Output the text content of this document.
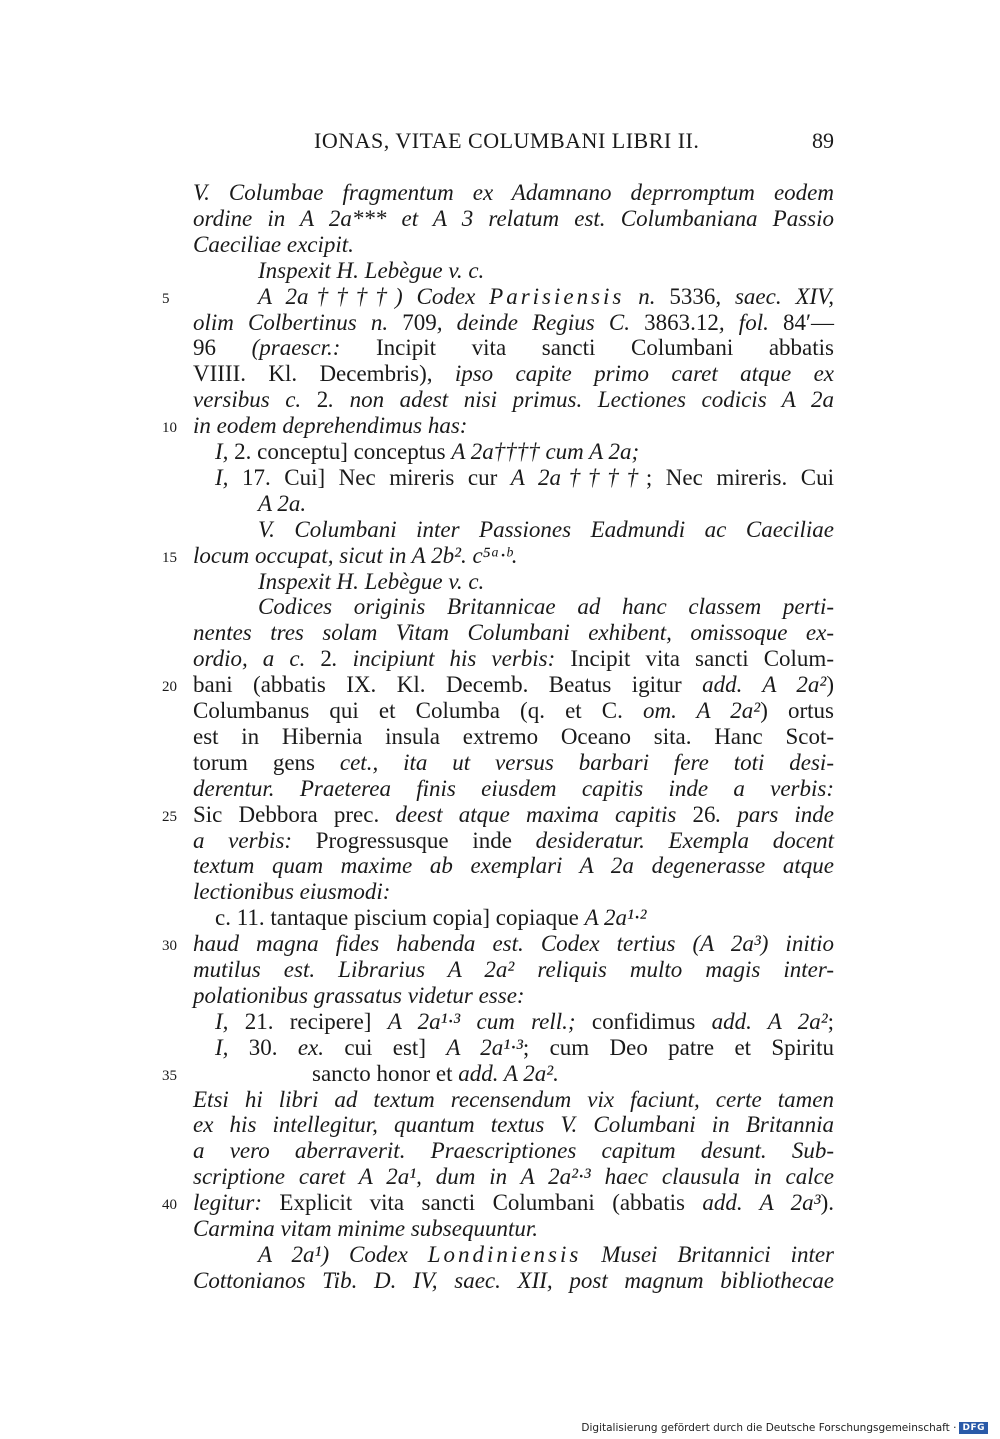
IONAS, VITAE COLUMBANI LIBRI II.	89
V. Columbae fragmentum ex Adamnano deprromptum eodem
ordine in A 2a*** et A 3 relatum est. Columbaniana Passio
Caeciliae excipit.
Inspexit H. Lebègue v. c.
5	A 2a††††) Codex Parisiensis n. 5336, saec. XIV,
olim Colbertinus n. 709, deinde Regius C. 3863.12, fol. 84′—
96 (praescr.: Incipit vita sancti Columbani abbatis
VIIII. Kl. Decembris), ipso capite primo caret atque ex
versibus c. 2. non adest nisi primus. Lectiones codicis A 2a
10 in eodem deprehendimus has:
I, 2. conceptu] conceptus A 2a†††† cum A 2a;
I, 17. Cui] Nec mireris cur A 2a††††; Nec mireris. Cui
A 2a.
V. Columbani inter Passiones Eadmundi ac Caeciliae
15 locum occupat, sicut in A 2b². c⁵ᵃ·ᵇ.
Inspexit H. Lebègue v. c.
Codices originis Britannicae ad hanc classem perti-
nentes tres solam Vitam Columbani exhibent, omissoque ex-
ordio, a c. 2. incipiunt his verbis: Incipit vita sancti Colum-
20 bani (abbatis IX. Kl. Decemb. Beatus igitur add. A 2a²)
Columbanus qui et Columba (q. et C. om. A 2a²) ortus
est in Hibernia insula extremo Oceano sita. Hanc Scot-
torum gens cet., ita ut versus barbari fere toti desi-
derentur. Praeterea finis eiusdem capitis inde a verbis:
25 Sic Debbora prec. deest atque maxima capitis 26. pars inde
a verbis: Progressusque inde desideratur. Exempla docent
textum quam maxime ab exemplari A 2a degenerasse atque
lectionibus eiusmodi:
c. 11. tantaque piscium copia] copiaque A 2a¹·²
30 haud magna fides habenda est. Codex tertius (A 2a³) initio
mutilus est. Librarius A 2a² reliquis multo magis inter-
polationibus grassatus videtur esse:
I, 21. recipere] A 2a¹·³ cum rell.; confidimus add. A 2a²;
I, 30. ex. cui est] A 2a¹·³; cum Deo patre et Spiritu
35	sancto honor et add. A 2a².
Etsi hi libri ad textum recensendum vix faciunt, certe tamen
ex his intellegitur, quantum textus V. Columbani in Britannia
a vero aberraverit. Praescriptiones capitum desunt. Sub-
scriptione caret A 2a¹, dum in A 2a²·³ haec clausula in calce
40 legitur: Explicit vita sancti Columbani (abbatis add. A 2a³).
Carmina vitam minime subsequuntur.
A 2a¹) Codex Londiniensis Musei Britannici inter
Cottonianos Tib. D. IV, saec. XII, post magnum bibliothecae
Digitalisierung gefördert durch die Deutsche Forschungsgemeinschaft · DFG
